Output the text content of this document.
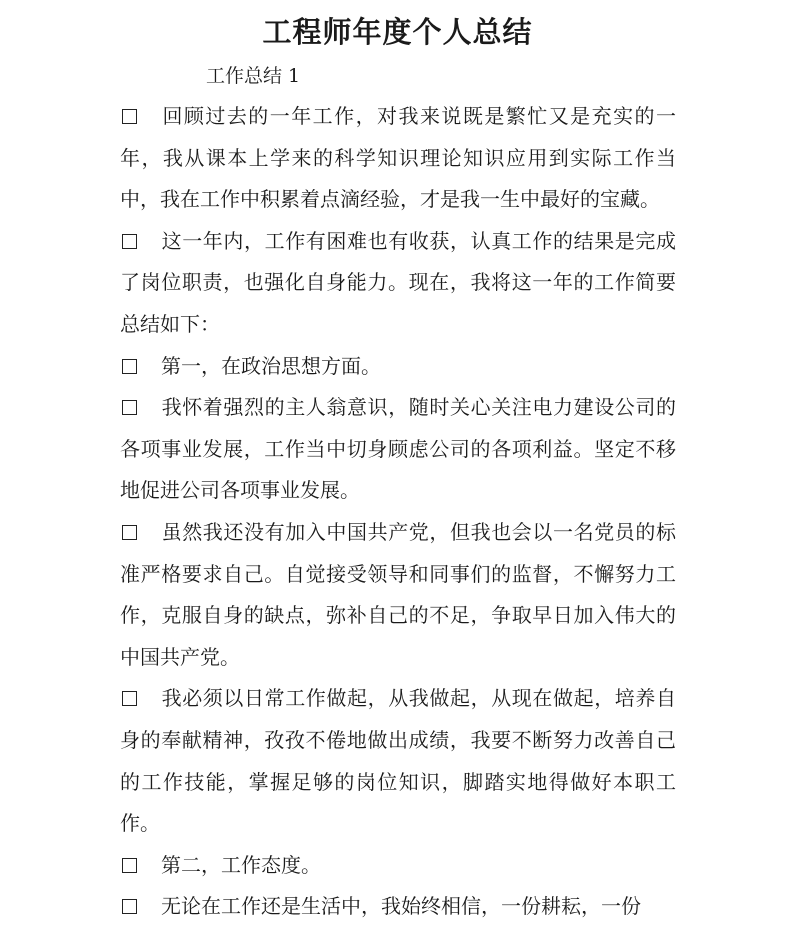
工程师年度个人总结
工作总结 1

回顾过去的一年工作，对我来说既是繁忙又是充实的一年，我从课本上学来的科学知识理论知识应用到实际工作当中，我在工作中积累着点滴经验，才是我一生中最好的宝藏。

这一年内，工作有困难也有收获，认真工作的结果是完成了岗位职责，也强化自身能力。现在，我将这一年的工作简要总结如下：

第一，在政治思想方面。

我怀着强烈的主人翁意识，随时关心关注电力建设公司的各项事业发展，工作当中切身顾虑公司的各项利益。坚定不移地促进公司各项事业发展。

虽然我还没有加入中国共产党，但我也会以一名党员的标准严格要求自己。自觉接受领导和同事们的监督，不懈努力工作，克服自身的缺点，弥补自己的不足，争取早日加入伟大的中国共产党。

我必须以日常工作做起，从我做起，从现在做起，培养自身的奉献精神，孜孜不倦地做出成绩，我要不断努力改善自己的工作技能，掌握足够的岗位知识，脚踏实地得做好本职工作。

第二，工作态度。

无论在工作还是生活中，我始终相信，一份耕耘，一份
